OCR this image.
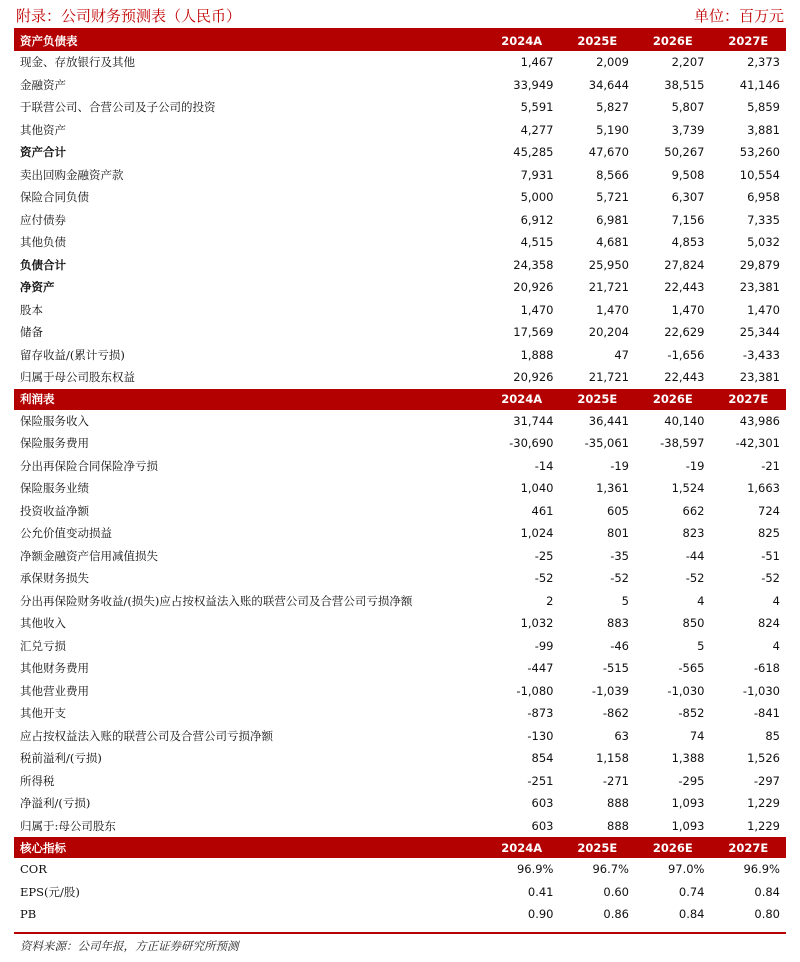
附录：公司财务预测表（人民币）	单位：百万元
资产负债表	2024A	2025E	2026E	2027E
现金、存放银行及其他	1,467	2,009	2,207	2,373
金融资产	33,949	34,644	38,515	41,146
于联营公司、合营公司及子公司的投资	5,591	5,827	5,807	5,859
其他资产	4,277	5,190	3,739	3,881
资产合计	45,285	47,670	50,267	53,260
卖出回购金融资产款	7,931	8,566	9,508	10,554
保险合同负债	5,000	5,721	6,307	6,958
应付债券	6,912	6,981	7,156	7,335
其他负债	4,515	4,681	4,853	5,032
负债合计	24,358	25,950	27,824	29,879
净资产	20,926	21,721	22,443	23,381
股本	1,470	1,470	1,470	1,470
储备	17,569	20,204	22,629	25,344
留存收益/(累计亏损)	1,888	47	-1,656	-3,433
归属于母公司股东权益	20,926	21,721	22,443	23,381
利润表	2024A	2025E	2026E	2027E
保险服务收入	31,744	36,441	40,140	43,986
保险服务费用	-30,690	-35,061	-38,597	-42,301
分出再保险合同保险净亏损	-14	-19	-19	-21
保险服务业绩	1,040	1,361	1,524	1,663
投资收益净额	461	605	662	724
公允价值变动损益	1,024	801	823	825
净额金融资产信用减值损失	-25	-35	-44	-51
承保财务损失	-52	-52	-52	-52
分出再保险财务收益/(损失)应占按权益法入账的联营公司及合营公司亏损净额	2	5	4	4
其他收入	1,032	883	850	824
汇兑亏损	-99	-46	5	4
其他财务费用	-447	-515	-565	-618
其他营业费用	-1,080	-1,039	-1,030	-1,030
其他开支	-873	-862	-852	-841
应占按权益法入账的联营公司及合营公司亏损净额	-130	63	74	85
税前溢利/(亏损)	854	1,158	1,388	1,526
所得税	-251	-271	-295	-297
净溢利/(亏损)	603	888	1,093	1,229
归属于:母公司股东	603	888	1,093	1,229
核心指标	2024A	2025E	2026E	2027E
COR	96.9%	96.7%	97.0%	96.9%
EPS(元/股)	0.41	0.60	0.74	0.84
PB	0.90	0.86	0.84	0.80
资料来源：公司年报，方正证券研究所预测
